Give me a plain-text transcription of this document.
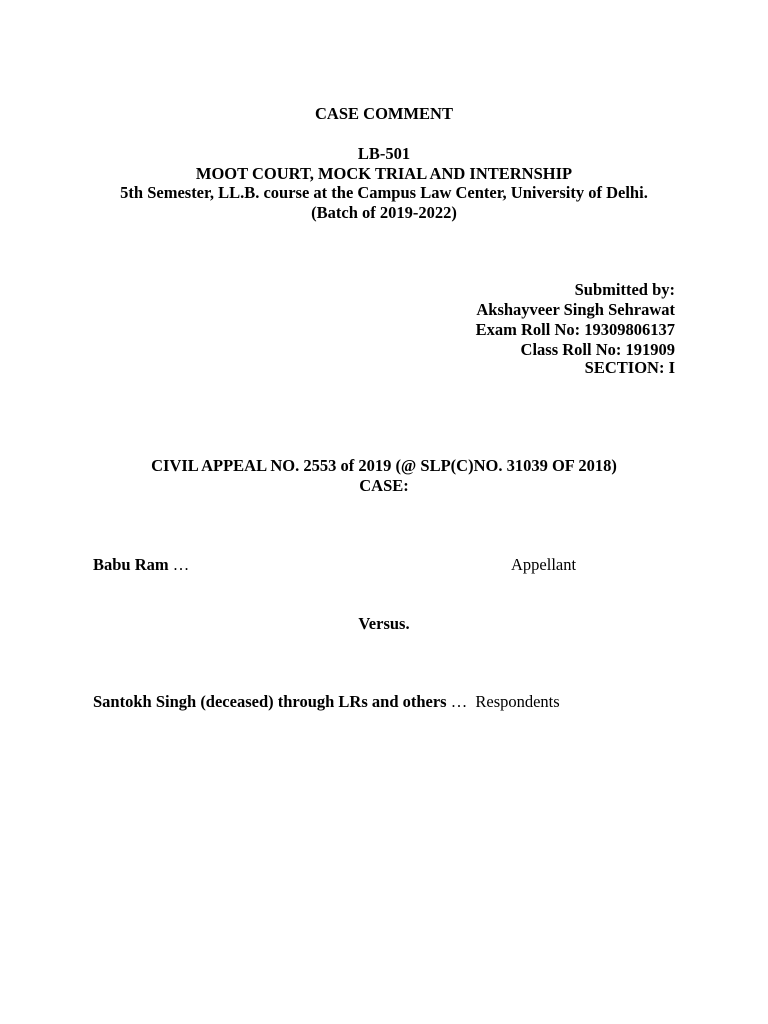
CASE COMMENT
LB-501
MOOT COURT, MOCK TRIAL AND INTERNSHIP
5th Semester, LL.B. course at the Campus Law Center, University of Delhi.
(Batch of 2019-2022)
Submitted by:
Akshayveer Singh Sehrawat
Exam Roll No: 19309806137
Class Roll No: 191909
SECTION: I
CIVIL APPEAL NO. 2553 of 2019 (@ SLP(C)NO. 31039 OF 2018)
CASE:
Babu Ram …	Appellant
Versus.
Santokh Singh (deceased) through LRs and others … Respondents
